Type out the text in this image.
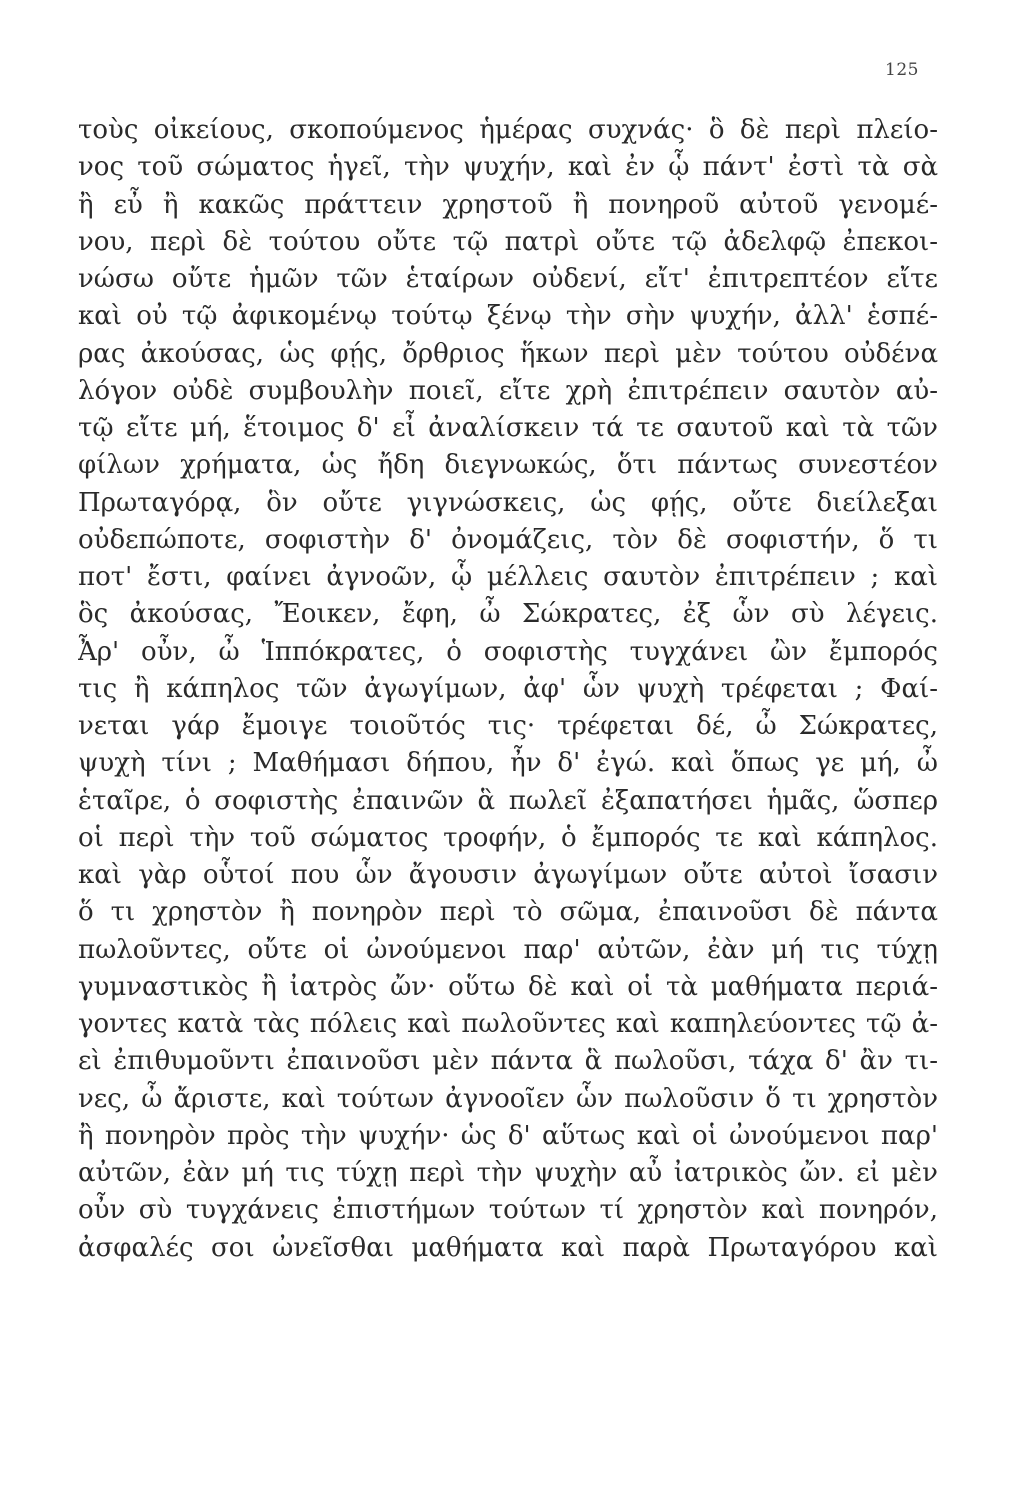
125
τοὺς οἰκείους, σκοπούμενος ἡμέρας συχνάς· ὃ δὲ περὶ πλείο-
νος τοῦ σώματος ἡγεῖ, τὴν ψυχήν, καὶ ἐν ᾧ πάντ' ἐστὶ τὰ σὰ
ἢ εὖ ἢ κακῶς πράττειν χρηστοῦ ἢ πονηροῦ αὐτοῦ γενομέ-
νου, περὶ δὲ τούτου οὔτε τῷ πατρὶ οὔτε τῷ ἀδελφῷ ἐπεκοι-
νώσω οὔτε ἡμῶν τῶν ἑταίρων οὐδενί, εἴτ' ἐπιτρεπτέον εἴτε
καὶ οὐ τῷ ἀφικομένῳ τούτῳ ξένῳ τὴν σὴν ψυχήν, ἀλλ' ἑσπέ-
ρας ἀκούσας, ὡς φῄς, ὄρθριος ἥκων περὶ μὲν τούτου οὐδένα
λόγον οὐδὲ συμβουλὴν ποιεῖ, εἴτε χρὴ ἐπιτρέπειν σαυτὸν αὐ-
τῷ εἴτε μή, ἕτοιμος δ' εἶ ἀναλίσκειν τά τε σαυτοῦ καὶ τὰ τῶν
φίλων χρήματα, ὡς ἤδη διεγνωκώς, ὅτι πάντως συνεστέον
Πρωταγόρᾳ, ὃν οὔτε γιγνώσκεις, ὡς φῄς, οὔτε διείλεξαι
οὐδεπώποτε, σοφιστὴν δ' ὀνομάζεις, τὸν δὲ σοφιστήν, ὅ τι
ποτ' ἔστι, φαίνει ἀγνοῶν, ᾧ μέλλεις σαυτὸν ἐπιτρέπειν ; καὶ
ὃς ἀκούσας, Ἔοικεν, ἔφη, ὦ Σώκρατες, ἐξ ὧν σὺ λέγεις.
Ἆρ' οὖν, ὦ Ἱππόκρατες, ὁ σοφιστὴς τυγχάνει ὢν ἔμπορός
τις ἢ κάπηλος τῶν ἀγωγίμων, ἀφ' ὧν ψυχὴ τρέφεται ; Φαί-
νεται γάρ ἔμοιγε τοιοῦτός τις· τρέφεται δέ, ὦ Σώκρατες,
ψυχὴ τίνι ; Μαθήμασι δήπου, ἦν δ' ἐγώ. καὶ ὅπως γε μή, ὦ
ἑταῖρε, ὁ σοφιστὴς ἐπαινῶν ἃ πωλεῖ ἐξαπατήσει ἡμᾶς, ὥσπερ
οἱ περὶ τὴν τοῦ σώματος τροφήν, ὁ ἔμπορός τε καὶ κάπηλος.
καὶ γὰρ οὗτοί που ὧν ἄγουσιν ἀγωγίμων οὔτε αὐτοὶ ἴσασιν
ὅ τι χρηστὸν ἢ πονηρὸν περὶ τὸ σῶμα, ἐπαινοῦσι δὲ πάντα
πωλοῦντες, οὔτε οἱ ὠνούμενοι παρ' αὐτῶν, ἐὰν μή τις τύχῃ
γυμναστικὸς ἢ ἰατρὸς ὤν· οὕτω δὲ καὶ οἱ τὰ μαθήματα περιά-
γοντες κατὰ τὰς πόλεις καὶ πωλοῦντες καὶ καπηλεύοντες τῷ ἀ-
εὶ ἐπιθυμοῦντι ἐπαινοῦσι μὲν πάντα ἃ πωλοῦσι, τάχα δ' ἂν τι-
νες, ὦ ἄριστε, καὶ τούτων ἀγνοοῖεν ὧν πωλοῦσιν ὅ τι χρηστὸν
ἢ πονηρὸν πρὸς τὴν ψυχήν· ὡς δ' αὕτως καὶ οἱ ὠνούμενοι παρ'
αὐτῶν, ἐὰν μή τις τύχῃ περὶ τὴν ψυχὴν αὖ ἰατρικὸς ὤν. εἰ μὲν
οὖν σὺ τυγχάνεις ἐπιστήμων τούτων τί χρηστὸν καὶ πονηρόν,
ἀσφαλές σοι ὠνεῖσθαι μαθήματα καὶ παρὰ Πρωταγόρου καὶ
